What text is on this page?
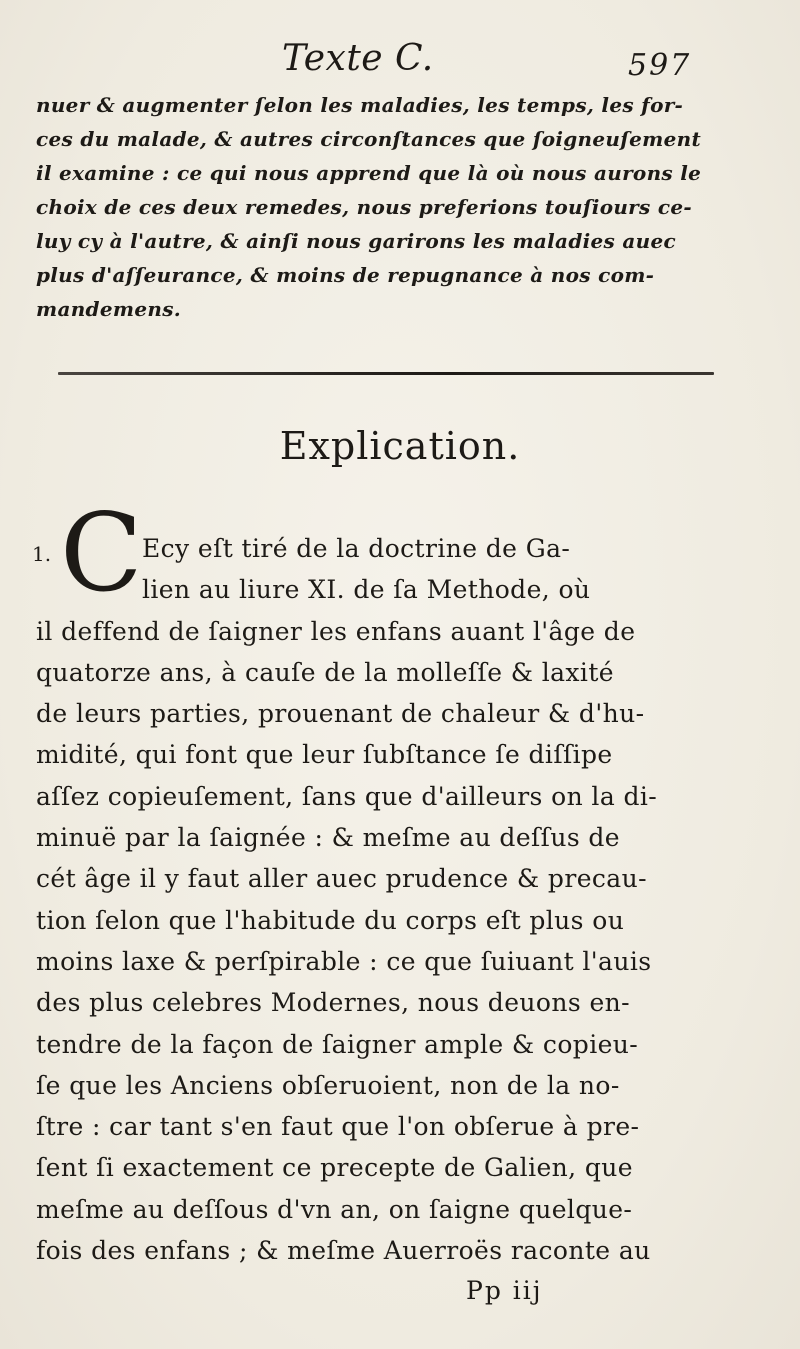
Texte C.	597
nuer & augmenter ſelon les maladies, les temps, les for-
ces du malade, & autres circonſtances que ſoigneuſement
il examine : ce qui nous apprend que là où nous aurons le
choix de ces deux remedes, nous preferions touſiours ce-
luy cy à l'autre, & ainſi nous garirons les maladies auec
plus d'aſſeurance, & moins de repugnance à nos com-
mandemens.
Explication.
1. C Ecy eſt tiré de la doctrine de Ga-
lien au liure XI. de ſa Methode, où
il deffend de ſaigner les enfans auant l'âge de
quatorze ans, à cauſe de la molleſſe & laxité
de leurs parties, prouenant de chaleur & d'hu-
midité, qui font que leur ſubſtance ſe diſſipe
aſſez copieuſement, ſans que d'ailleurs on la di-
minuë par la ſaignée : & meſme au deſſus de
cét âge il y faut aller auec prudence & precau-
tion ſelon que l'habitude du corps eſt plus ou
moins laxe & perſpirable : ce que ſuiuant l'auis
des plus celebres Modernes, nous deuons en-
tendre de la façon de ſaigner ample & copieu-
ſe que les Anciens obſeruoient, non de la no-
ſtre : car tant s'en faut que l'on obſerue à pre-
ſent ſi exactement ce precepte de Galien, que
meſme au deſſous d'vn an, on ſaigne quelque-
fois des enfans ; & meſme Auerroës raconte au
Pp iij
